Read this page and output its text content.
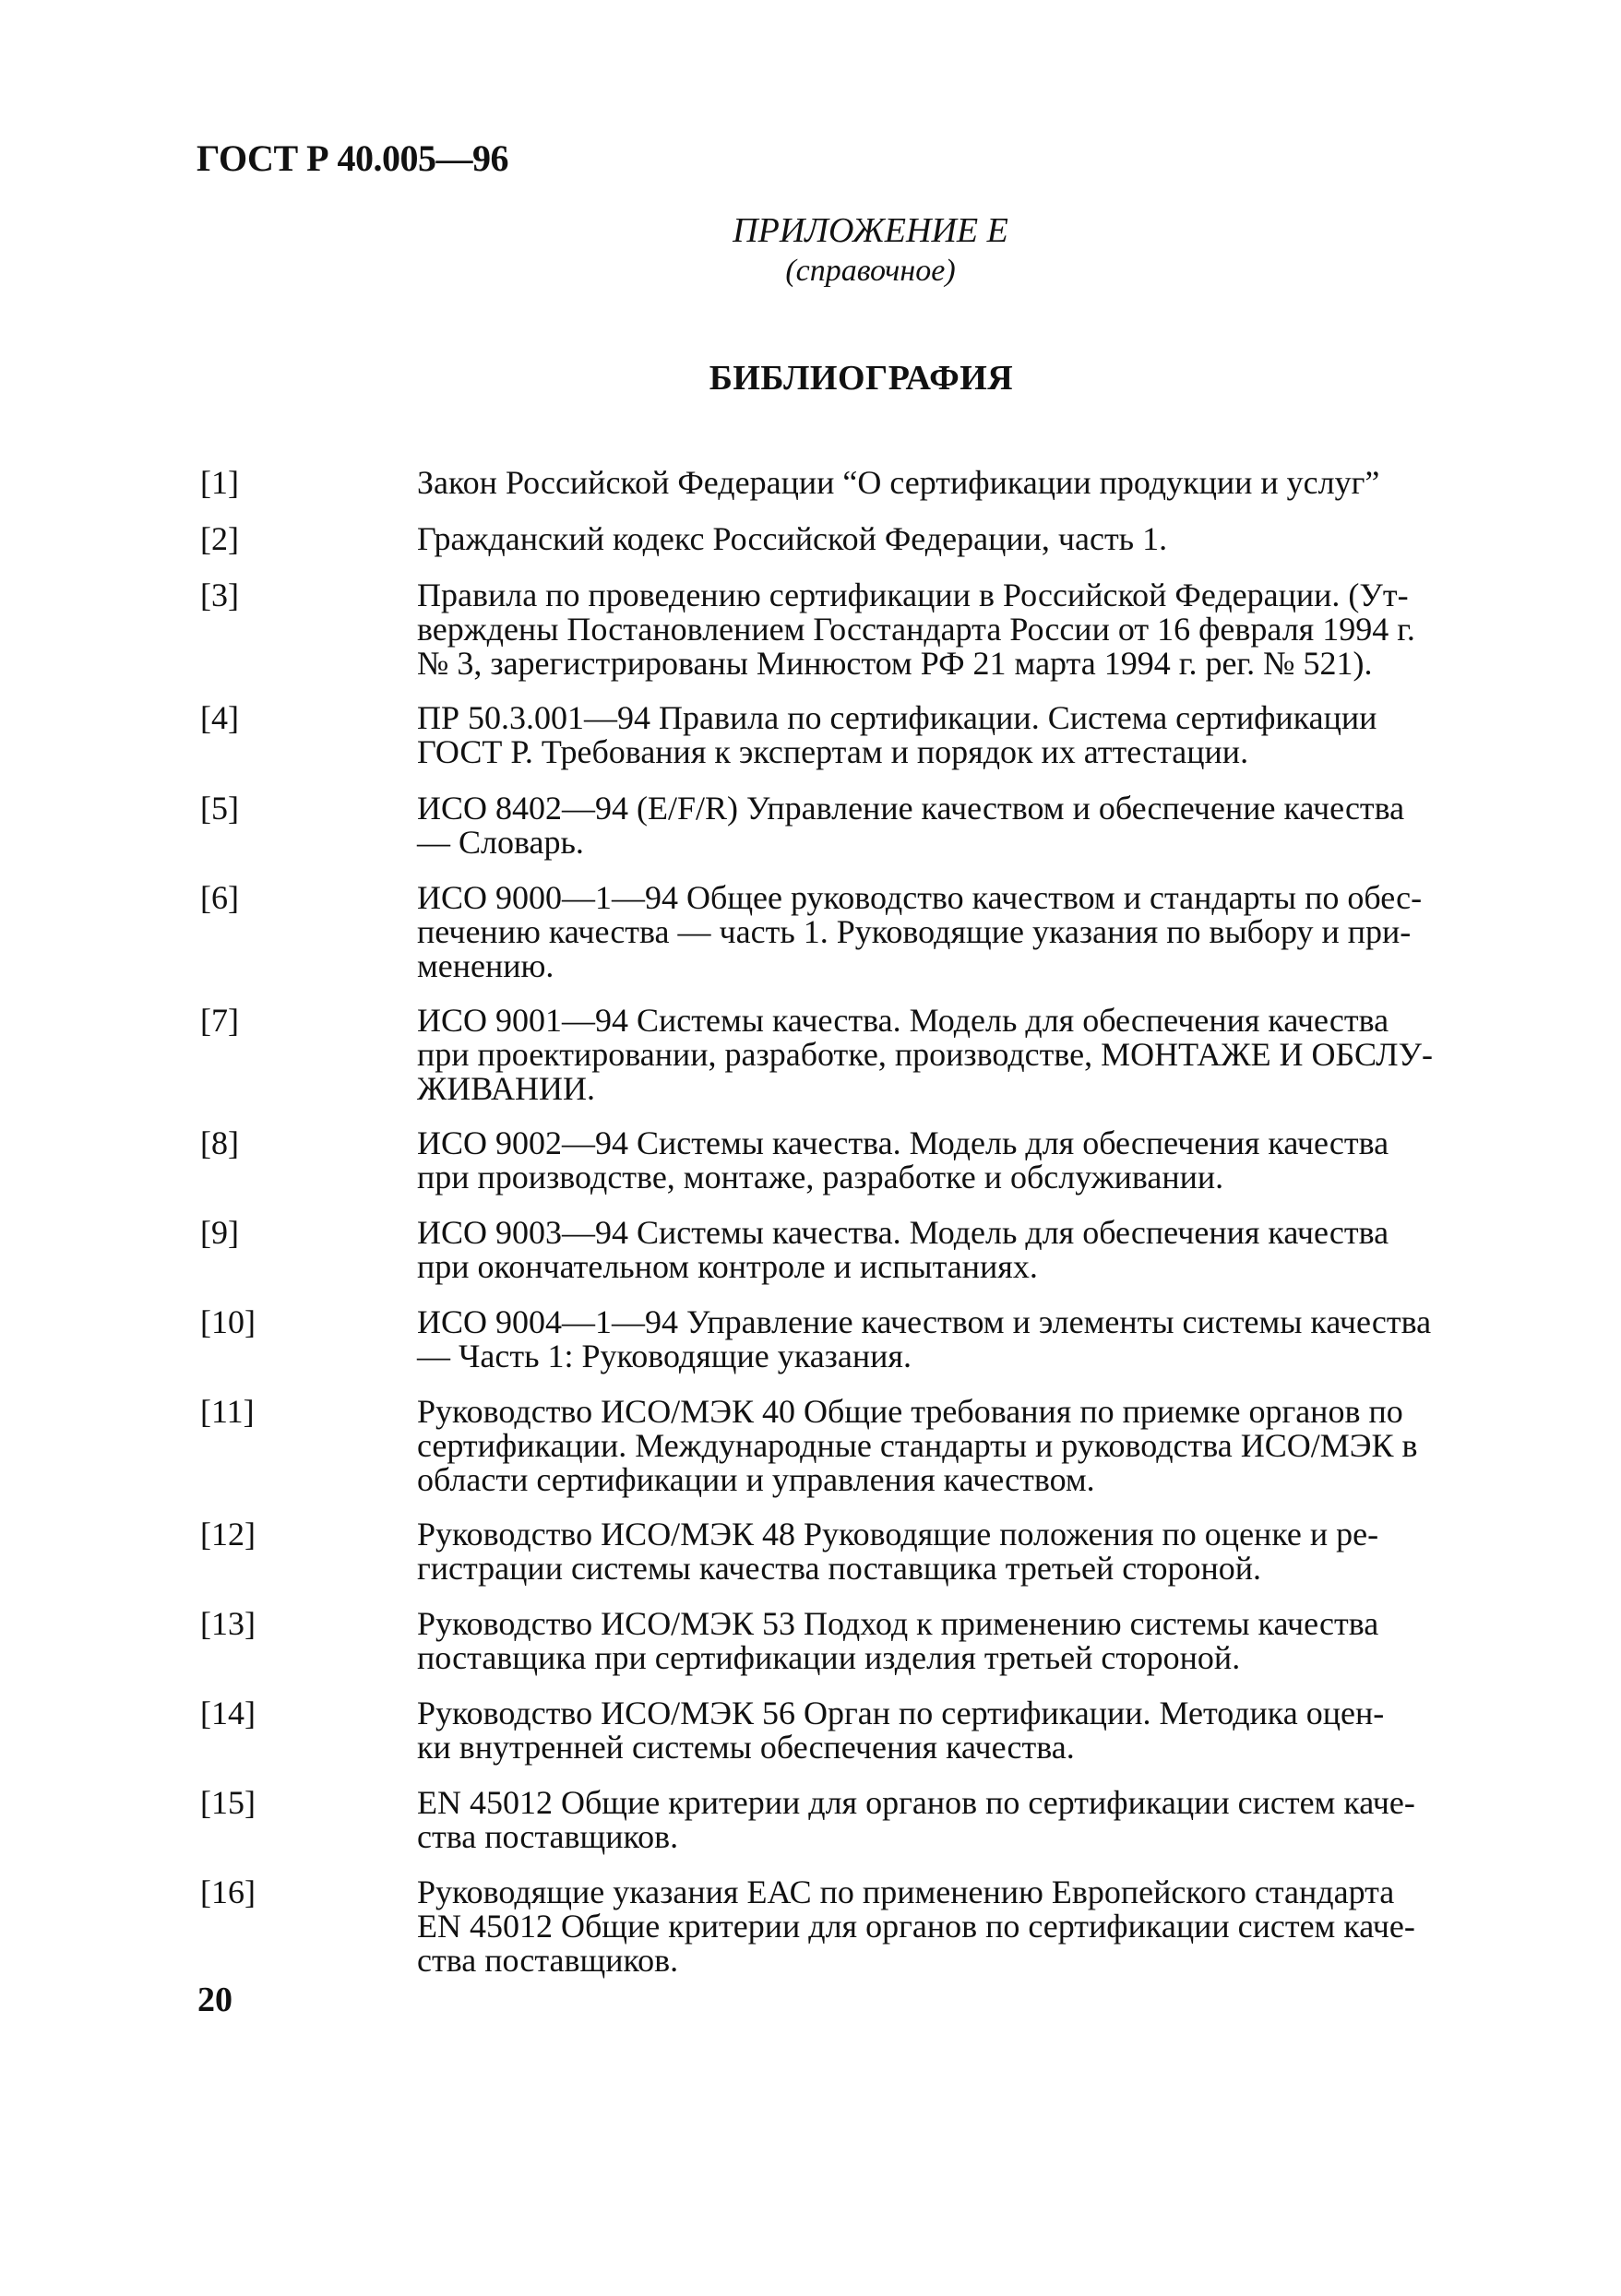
ГОСТ Р 40.005—96
ПРИЛОЖЕНИЕ Е
(справочное)
БИБЛИОГРАФИЯ
[1]	Закон Российской Федерации “О сертификации продукции и услуг”
[2]	Гражданский кодекс Российской Федерации, часть 1.
[3]	Правила по проведению сертификации в Российской Федерации. (Ут-
верждены Постановлением Госстандарта России от 16 февраля 1994 г.
№ 3, зарегистрированы Минюстом РФ 21 марта 1994 г. рег. № 521).
[4]	ПР 50.3.001—94 Правила по сертификации. Система сертификации
ГОСТ Р. Требования к экспертам и порядок их аттестации.
[5]	ИСО 8402—94 (E/F/R) Управление качеством и обеспечение качества
— Словарь.
[6]	ИСО 9000—1—94 Общее руководство качеством и стандарты по обес-
печению качества — часть 1. Руководящие указания по выбору и при-
менению.
[7]	ИСО 9001—94 Системы качества. Модель для обеспечения качества
при проектировании, разработке, производстве, МОНТАЖЕ И ОБСЛУ-
ЖИВАНИИ.
[8]	ИСО 9002—94 Системы качества. Модель для обеспечения качества
при производстве, монтаже, разработке и обслуживании.
[9]	ИСО 9003—94 Системы качества. Модель для обеспечения качества
при окончательном контроле и испытаниях.
[10]	ИСО 9004—1—94 Управление качеством и элементы системы качества
— Часть 1: Руководящие указания.
[11]	Руководство ИСО/МЭК 40 Общие требования по приемке органов по
сертификации. Международные стандарты и руководства ИСО/МЭК в
области сертификации и управления качеством.
[12]	Руководство ИСО/МЭК 48 Руководящие положения по оценке и ре-
гистрации системы качества поставщика третьей стороной.
[13]	Руководство ИСО/МЭК 53 Подход к применению системы качества
поставщика при сертификации изделия третьей стороной.
[14]	Руководство ИСО/МЭК 56 Орган по сертификации. Методика оцен-
ки внутренней системы обеспечения качества.
[15]	EN 45012 Общие критерии для органов по сертификации систем каче-
ства поставщиков.
[16]	Руководящие указания ЕАС по применению Европейского стандарта
EN 45012 Общие критерии для органов по сертификации систем каче-
ства поставщиков.
20
